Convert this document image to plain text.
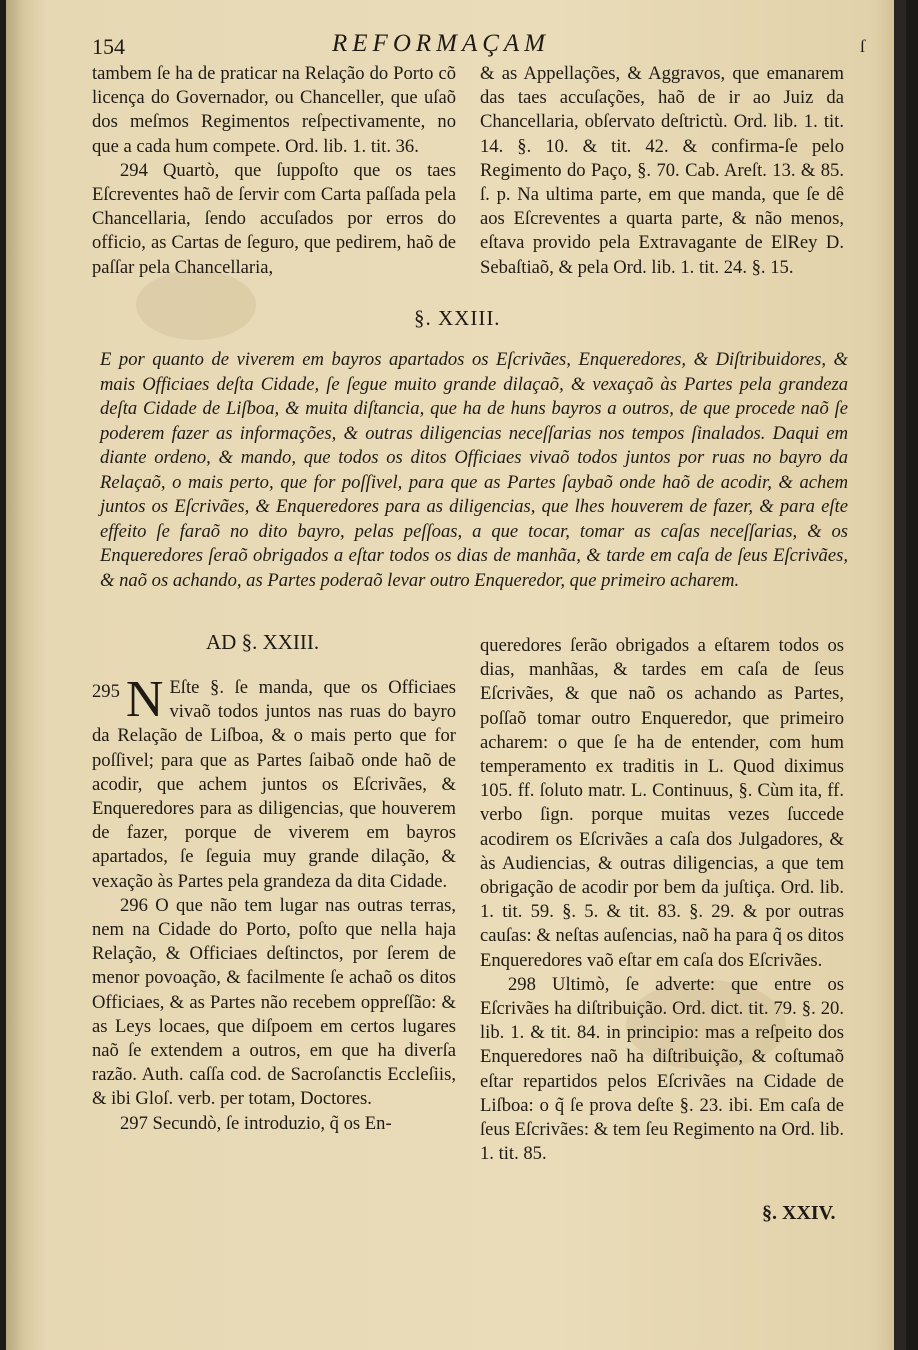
154	REFORMAÇAM	ſ

tambem ſe ha de praticar na Relação do Porto cõ licença do Governador, ou Chanceller, que uſaõ dos meſmos Regimentos reſpectivamente, no que a cada hum compete. Ord. lib. 1. tit. 36.

294 Quartò, que ſuppoſto que os taes Eſcreventes haõ de ſervir com Carta paſſada pela Chancellaria, ſendo accuſados por erros do officio, as Cartas de ſeguro, que pedirem, haõ de paſſar pela Chancellaria,

& as Appellações, & Aggravos, que emanarem das taes accuſações, haõ de ir ao Juiz da Chancellaria, obſervato deſtrictù. Ord. lib. 1. tit. 14. §. 10. & tit. 42. & confirma-ſe pelo Regimento do Paço, §. 70. Cab. Areſt. 13. & 85. ſ. p. Na ultima parte, em que manda, que ſe dê aos Eſcreventes a quarta parte, & não menos, eſtava provido pela Extravagante de ElRey D. Sebaſtiaõ, & pela Ord. lib. 1. tit. 24. §. 15.

§. XXIII.
E por quanto de viverem em bayros apartados os Eſcrivães, Enqueredores, & Diſtribuidores, & mais Officiaes deſta Cidade, ſe ſegue muito grande dilaçaõ, & vexaçaõ às Partes pela grandeza deſta Cidade de Liſboa, & muita diſtancia, que ha de huns bayros a outros, de que procede naõ ſe poderem fazer as informações, & outras diligencias neceſſarias nos tempos ſinalados. Daqui em diante ordeno, & mando, que todos os ditos Officiaes vivaõ todos juntos por ruas no bayro da Relaçaõ, o mais perto, que for poſſivel, para que as Partes ſaybaõ onde haõ de acodir, & achem juntos os Eſcrivães, & Enqueredores para as diligencias, que lhes houverem de fazer, & para eſte effeito ſe faraõ no dito bayro, pelas peſſoas, a que tocar, tomar as caſas neceſſarias, & os Enqueredores ſeraõ obrigados a eſtar todos os dias de manhãa, & tarde em caſa de ſeus Eſcrivães, & naõ os achando, as Partes poderaõ levar outro Enqueredor, que primeiro acharem.
AD §. XXIII.

295 N Eſte §. ſe manda, que os Officiaes vivaõ todos juntos nas ruas do bayro da Relação de Liſboa, & o mais perto que for poſſivel; para que as Partes ſaibaõ onde haõ de acodir, que achem juntos os Eſcrivães, & Enqueredores para as diligencias, que houverem de fazer, porque de viverem em bayros apartados, ſe ſeguia muy grande dilação, & vexação às Partes pela grandeza da dita Cidade.

296 O que não tem lugar nas outras terras, nem na Cidade do Porto, poſto que nella haja Relação, & Officiaes deſtinctos, por ſerem de menor povoação, & facilmente ſe achaõ os ditos Officiaes, & as Partes não recebem oppreſſão: & as Leys locaes, que diſpoem em certos lugares naõ ſe extendem a outros, em que ha diverſa razão. Auth. caſſa cod. de Sacroſanctis Eccleſiis, & ibi Gloſ. verb. per totam, Doctores.

297 Secundò, ſe introduzio, q̃ os En-

queredores ſerão obrigados a eſtarem todos os dias, manhãas, & tardes em caſa de ſeus Eſcrivães, & que naõ os achando as Partes, poſſaõ tomar outro Enqueredor, que primeiro acharem: o que ſe ha de entender, com hum temperamento ex traditis in L. Quod diximus 105. ff. ſoluto matr. L. Continuus, §. Cùm ita, ff. verbo ſign. porque muitas vezes ſuccede acodirem os Eſcrivães a caſa dos Julgadores, & às Audiencias, & outras diligencias, a que tem obrigação de acodir por bem da juſtiça. Ord. lib. 1. tit. 59. §. 5. & tit. 83. §. 29. & por outras cauſas: & neſtas auſencias, naõ ha para q̃ os ditos Enqueredores vaõ eſtar em caſa dos Eſcrivães.

298 Ultimò, ſe adverte: que entre os Eſcrivães ha diſtribuição. Ord. dict. tit. 79. §. 20. lib. 1. & tit. 84. in principio: mas a reſpeito dos Enqueredores naõ ha diſtribuição, & coſtumaõ eſtar repartidos pelos Eſcrivães na Cidade de Liſboa: o q̃ ſe prova deſte §. 23. ibi. Em caſa de ſeus Eſcrivães: & tem ſeu Regimento na Ord. lib. 1. tit. 85.

§. XXIV.
